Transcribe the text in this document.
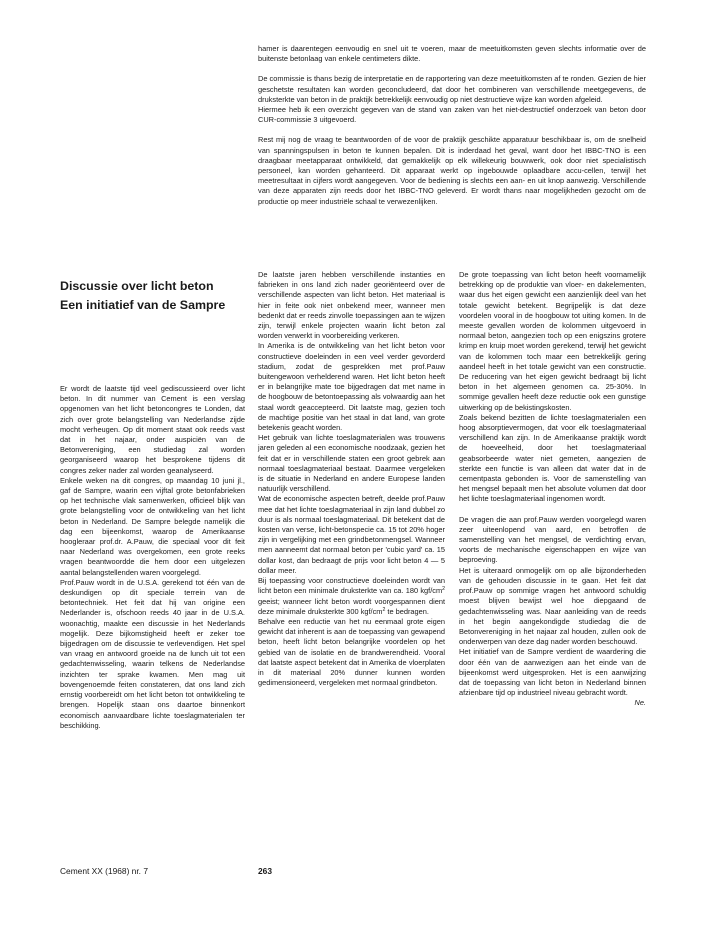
hamer is daarentegen eenvoudig en snel uit te voeren, maar de meetuitkomsten geven slechts informatie over de buitenste betonlaag van enkele centimeters dikte.

De commissie is thans bezig de interpretatie en de rapportering van deze meetuitkomsten af te ronden. Gezien de hier geschetste resultaten kan worden geconcludeerd, dat door het combineren van verschillende meetgegevens, de druksterkte van beton in de praktijk betrekkelijk eenvoudig op niet destructieve wijze kan worden afgeleid.

Hiermee heb ik een overzicht gegeven van de stand van zaken van het niet-destructief onderzoek van beton door CUR-commissie 3 uitgevoerd.

Rest mij nog de vraag te beantwoorden of de voor de praktijk geschikte apparatuur beschikbaar is, om de snelheid van spanningspulsen in beton te kunnen bepalen. Dit is inderdaad het geval, want door het IBBC-TNO is een draagbaar meetapparaat ontwikkeld, dat gemakkelijk op elk willekeurig bouwwerk, ook door niet specialistisch personeel, kan worden gehanteerd. Dit apparaat werkt op ingebouwde oplaadbare accu-cellen, terwijl het meetresultaat in cijfers wordt aangegeven. Voor de bediening is slechts een aan- en uit knop aanwezig. Verschillende van deze apparaten zijn reeds door het IBBC-TNO geleverd. Er wordt thans naar mogelijkheden gezocht om de productie op meer industriële schaal te verwezenlijken.

Discussie over licht beton
Een initiatief van de Sampre

Er wordt de laatste tijd veel gediscussieerd over licht beton. In dit nummer van Cement is een verslag opgenomen van het licht betoncongres te Londen, dat zich over grote belangstelling van Nederlandse zijde mocht verheugen. Op dit moment staat ook reeds vast dat in het najaar, onder auspiciën van de Betonvereniging, een studiedag zal worden georganiseerd waarop het besprokene tijdens dit congres zeker nader zal worden geanalyseerd.

Enkele weken na dit congres, op maandag 10 juni jl., gaf de Sampre, waarin een vijftal grote betonfabrieken op het technische vlak samenwerken, officieel blijk van grote belangstelling voor de ontwikkeling van het licht beton in Nederland. De Sampre belegde namelijk die dag een bijeenkomst, waarop de Amerikaanse hoogleraar prof.dr. A.Pauw, die speciaal voor dit feit naar Nederland was overgekomen, een grote reeks vragen beantwoordde die hem door een uitgelezen aantal belangstellenden waren voorgelegd.

Prof.Pauw wordt in de U.S.A. gerekend tot één van de deskundigen op dit speciale terrein van de betontechniek. Het feit dat hij van origine een Nederlander is, ofschoon reeds 40 jaar in de U.S.A. woonachtig, maakte een discussie in het Nederlands mogelijk. Deze bijkomstigheid heeft er zeker toe bijgedragen om de discussie te verlevendigen. Het spel van vraag en antwoord groeide na de lunch uit tot een gedachtenwisseling, waarin telkens de Nederlandse inzichten ter sprake kwamen. Men mag uit bovengenoemde feiten constateren, dat ons land zich ernstig voorbereidt om het licht beton tot ontwikkeling te brengen. Hopelijk staan ons daartoe binnenkort economisch aanvaardbare lichte toeslagmaterialen ter beschikking.

De laatste jaren hebben verschillende instanties en fabrieken in ons land zich nader georiënteerd over de verschillende aspecten van licht beton. Het materiaal is hier in feite ook niet onbekend meer, wanneer men bedenkt dat er reeds zinvolle toepassingen aan te wijzen zijn, terwijl enkele projecten waarin licht beton zal worden verwerkt in voorbereiding verkeren.

In Amerika is de ontwikkeling van het licht beton voor constructieve doeleinden in een veel verder gevorderd stadium, zodat de gesprekken met prof.Pauw buitengewoon verhelderend waren. Het licht beton heeft er in belangrijke mate toe bijgedragen dat met name in de hoogbouw de betontoepassing als volwaardig aan het staal wordt geaccepteerd. Dit laatste mag, gezien toch de machtige positie van het staal in dat land, van grote betekenis geacht worden.

Het gebruik van lichte toeslagmaterialen was trouwens jaren geleden al een economische noodzaak, gezien het feit dat er in verschillende staten een groot gebrek aan normaal toeslagmateriaal bestaat. Daarmee vergeleken is de situatie in Nederland en andere Europese landen natuurlijk verschillend.

Wat de economische aspecten betreft, deelde prof.Pauw mee dat het lichte toeslagmateriaal in zijn land dubbel zo duur is als normaal toeslagmateriaal. Dit betekent dat de kosten van verse, licht-betonspecie ca. 15 tot 20% hoger zijn in vergelijking met een grindbetonmengsel. Wanneer men aanneemt dat normaal beton per 'cubic yard' ca. 15 dollar kost, dan bedraagt de prijs voor licht beton 4 — 5 dollar meer.

Bij toepassing voor constructieve doeleinden wordt van licht beton een minimale druksterkte van ca. 180 kgf/$cm^2$ geeist; wanneer licht beton wordt voorgespannen dient deze minimale druksterkte 300 kgf/$cm^2$ te bedragen.

Behalve een reductie van het nu eenmaal grote eigen gewicht dat inherent is aan de toepassing van gewapend beton, heeft licht beton belangrijke voordelen op het gebied van de isolatie en de brandwerendheid. Vooral dat laatste aspect betekent dat in Amerika de vloerplaten in dit materiaal 20% dunner kunnen worden gedimensioneerd, vergeleken met normaal grindbeton.

De grote toepassing van licht beton heeft voornamelijk betrekking op de produktie van vloer- en dakelementen, waar dus het eigen gewicht een aanzienlijk deel van het totale gewicht betekent. Begrijpelijk is dat deze voordelen vooral in de hoogbouw tot uiting komen. In de meeste gevallen worden de kolommen uitgevoerd in normaal beton, aangezien toch op een enigszins grotere krimp en kruip moet worden gerekend, terwijl het gewicht van de kolommen toch maar een betrekkelijk gering aandeel heeft in het totale gewicht van een constructie. De reducering van het eigen gewicht bedraagt bij licht beton in het algemeen genomen ca. 25-30%. In sommige gevallen heeft deze reductie ook een gunstige uitwerking op de bekistingskosten.

Zoals bekend bezitten de lichte toeslagmaterialen een hoog absorptievermogen, dat voor elk toeslagmateriaal verschillend kan zijn. In de Amerikaanse praktijk wordt de hoeveelheid, door het toeslagmateriaal geabsorbeerde water niet gemeten, aangezien de sterkte een functie is van alleen dat water dat in de cementpasta gebonden is. Voor de samenstelling van het mengsel bepaalt men het absolute volumen dat door het lichte toeslagmateriaal ingenomen wordt.

De vragen die aan prof.Pauw werden voorgelegd waren zeer uiteenlopend van aard, en betroffen de samenstelling van het mengsel, de verdichting ervan, voorts de mechanische eigenschappen en wijze van beproeving.

Het is uiteraard onmogelijk om op alle bijzonderheden van de gehouden discussie in te gaan. Het feit dat prof.Pauw op sommige vragen het antwoord schuldig moest blijven bewijst wel hoe diepgaand de gedachtenwisseling was. Naar aanleiding van de reeds in het begin aangekondigde studiedag die de Betonvereniging in het najaar zal houden, zullen ook de onderwerpen van deze dag nader worden beschouwd.

Het initiatief van de Sampre verdient de waardering die door één van de aanwezigen aan het einde van de bijeenkomst werd uitgesproken. Het is een aanwijzing dat de toepassing van licht beton in Nederland binnen afzienbare tijd op industrieel niveau gebracht wordt.

Ne.

Cement XX (1968) nr. 7	263
